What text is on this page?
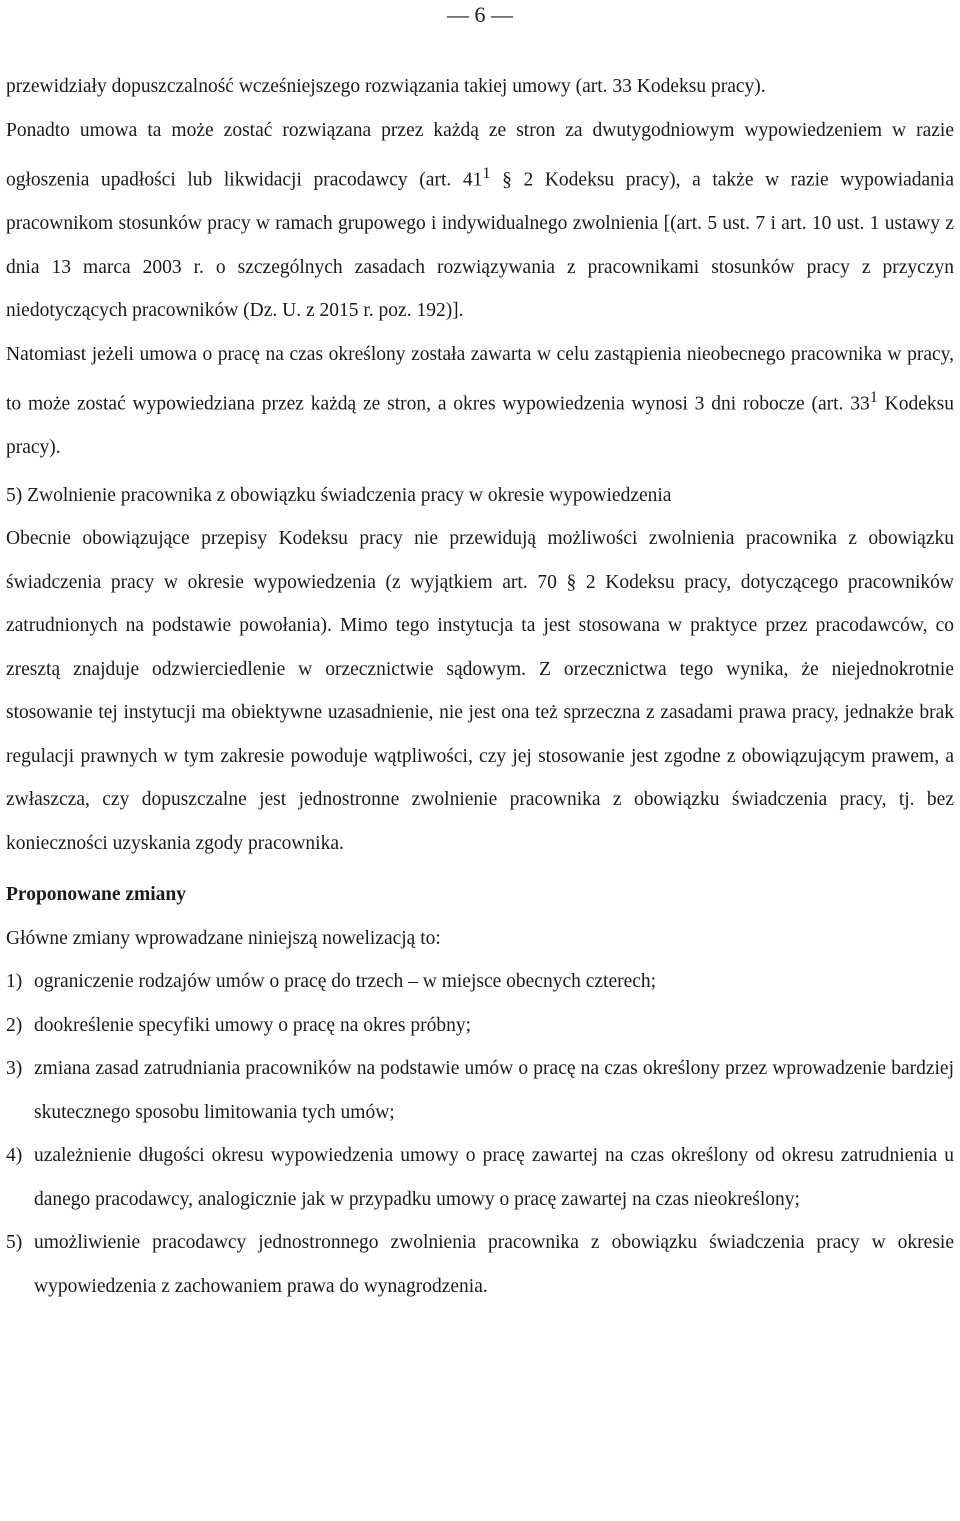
— 6 —

przewidziały dopuszczalność wcześniejszego rozwiązania takiej umowy (art. 33 Kodeksu pracy).

Ponadto umowa ta może zostać rozwiązana przez każdą ze stron za dwutygodniowym wypowiedzeniem w razie ogłoszenia upadłości lub likwidacji pracodawcy (art. $41^1$ § 2 Kodeksu pracy), a także w razie wypowiadania pracownikom stosunków pracy w ramach grupowego i indywidualnego zwolnienia [(art. 5 ust. 7 i art. 10 ust. 1 ustawy z dnia 13 marca 2003 r. o szczególnych zasadach rozwiązywania z pracownikami stosunków pracy z przyczyn niedotyczących pracowników (Dz. U. z 2015 r. poz. 192)].

Natomiast jeżeli umowa o pracę na czas określony została zawarta w celu zastąpienia nieobecnego pracownika w pracy, to może zostać wypowiedziana przez każdą ze stron, a okres wypowiedzenia wynosi 3 dni robocze (art. $33^1$ Kodeksu pracy).

5) Zwolnienie pracownika z obowiązku świadczenia pracy w okresie wypowiedzenia

Obecnie obowiązujące przepisy Kodeksu pracy nie przewidują możliwości zwolnienia pracownika z obowiązku świadczenia pracy w okresie wypowiedzenia (z wyjątkiem art. 70 § 2 Kodeksu pracy, dotyczącego pracowników zatrudnionych na podstawie powołania). Mimo tego instytucja ta jest stosowana w praktyce przez pracodawców, co zresztą znajduje odzwierciedlenie w orzecznictwie sądowym. Z orzecznictwa tego wynika, że niejednokrotnie stosowanie tej instytucji ma obiektywne uzasadnienie, nie jest ona też sprzeczna z zasadami prawa pracy, jednakże brak regulacji prawnych w tym zakresie powoduje wątpliwości, czy jej stosowanie jest zgodne z obowiązującym prawem, a zwłaszcza, czy dopuszczalne jest jednostronne zwolnienie pracownika z obowiązku świadczenia pracy, tj. bez konieczności uzyskania zgody pracownika.

Proponowane zmiany

Główne zmiany wprowadzane niniejszą nowelizacją to:

1) ograniczenie rodzajów umów o pracę do trzech – w miejsce obecnych czterech;
2) dookreślenie specyfiki umowy o pracę na okres próbny;
3) zmiana zasad zatrudniania pracowników na podstawie umów o pracę na czas określony przez wprowadzenie bardziej skutecznego sposobu limitowania tych umów;
4) uzależnienie długości okresu wypowiedzenia umowy o pracę zawartej na czas określony od okresu zatrudnienia u danego pracodawcy, analogicznie jak w przypadku umowy o pracę zawartej na czas nieokreślony;
5) umożliwienie pracodawcy jednostronnego zwolnienia pracownika z obowiązku świadczenia pracy w okresie wypowiedzenia z zachowaniem prawa do wynagrodzenia.
